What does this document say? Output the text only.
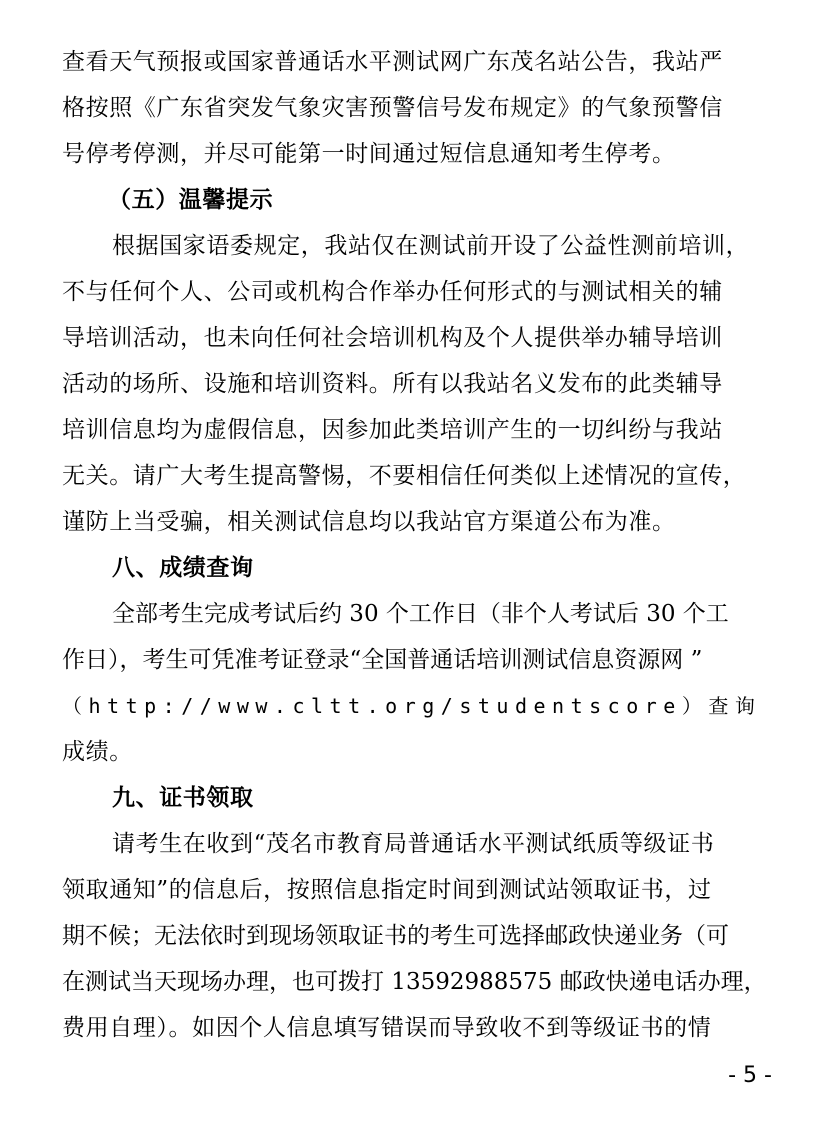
查看天气预报或国家普通话水平测试网广东茂名站公告，我站严
格按照《广东省突发气象灾害预警信号发布规定》的气象预警信
号停考停测，并尽可能第一时间通过短信息通知考生停考。
（五）温馨提示
根据国家语委规定，我站仅在测试前开设了公益性测前培训，
不与任何个人、公司或机构合作举办任何形式的与测试相关的辅
导培训活动，也未向任何社会培训机构及个人提供举办辅导培训
活动的场所、设施和培训资料。所有以我站名义发布的此类辅导
培训信息均为虚假信息，因参加此类培训产生的一切纠纷与我站
无关。请广大考生提高警惕，不要相信任何类似上述情况的宣传，
谨防上当受骗，相关测试信息均以我站官方渠道公布为准。
八、成绩查询
全部考生完成考试后约 30 个工作日（非个人考试后 30 个工
作日），考生可凭准考证登录“全国普通话培训测试信息资源网 ”
（http://www.cltt.org/studentscore）查询
成绩。
九、证书领取
请考生在收到“茂名市教育局普通话水平测试纸质等级证书
领取通知”的信息后，按照信息指定时间到测试站领取证书，过
期不候；无法依时到现场领取证书的考生可选择邮政快递业务（可
在测试当天现场办理，也可拨打 13592988575 邮政快递电话办理，
费用自理）。如因个人信息填写错误而导致收不到等级证书的情
- 5 -
